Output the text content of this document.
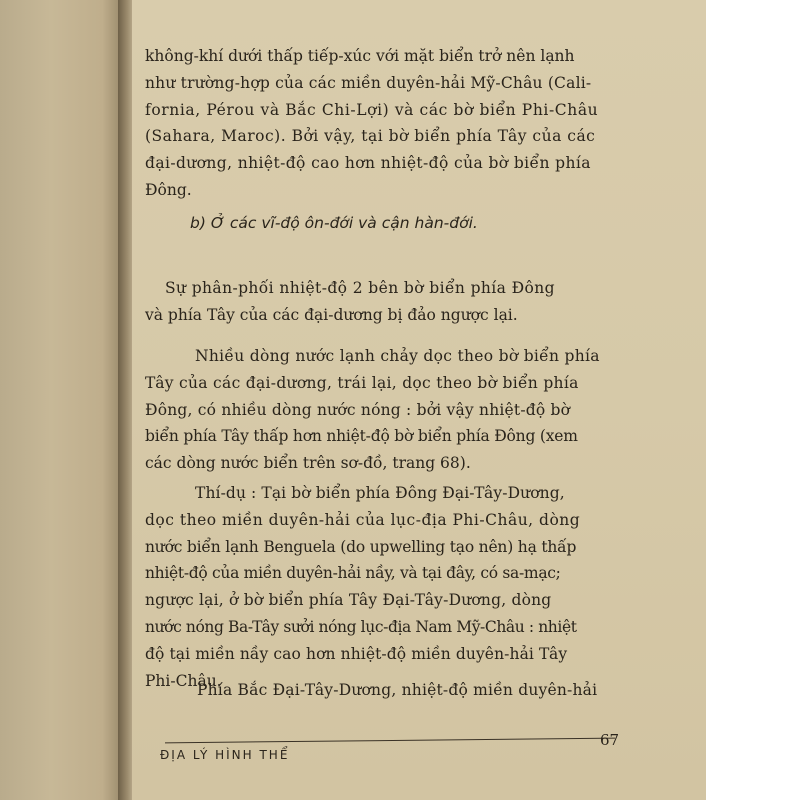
không-khí dưới thấp tiếp-xúc với mặt biển trở nên lạnh
như trường-hợp của các miền duyên-hải Mỹ-Châu (Cali-
fornia, Pérou và Bắc Chi-Lợi) và các bờ biển Phi-Châu
(Sahara, Maroc). Bởi vậy, tại bờ biển phía Tây của các
đại-dương, nhiệt-độ cao hơn nhiệt-độ của bờ biển phía
Đông.

b) Ở các vĩ-độ ôn-đới và cận hàn-đới.

Sự phân-phối nhiệt-độ 2 bên bờ biển phía Đông
và phía Tây của các đại-dương bị đảo ngược lại.
Nhiều dòng nước lạnh chảy dọc theo bờ biển phía
Tây của các đại-dương, trái lại, dọc theo bờ biển phía
Đông, có nhiều dòng nước nóng : bởi vậy nhiệt-độ bờ
biển phía Tây thấp hơn nhiệt-độ bờ biển phía Đông (xem
các dòng nước biển trên sơ-đồ, trang 68).
Thí-dụ : Tại bờ biển phía Đông Đại-Tây-Dương,
dọc theo miền duyên-hải của lục-địa Phi-Châu, dòng
nước biển lạnh Benguela (do upwelling tạo nên) hạ thấp
nhiệt-độ của miền duyên-hải nầy, và tại đây, có sa-mạc;
ngược lại, ở bờ biển phía Tây Đại-Tây-Dương, dòng
nước nóng Ba-Tây sưởi nóng lục-địa Nam Mỹ-Châu : nhiệt
độ tại miền nầy cao hơn nhiệt-độ miền duyên-hải Tây
Phi-Châu.
Phía Bắc Đại-Tây-Dương, nhiệt-độ miền duyên-hải
ĐỊA LÝ HÌNH THỂ
67
